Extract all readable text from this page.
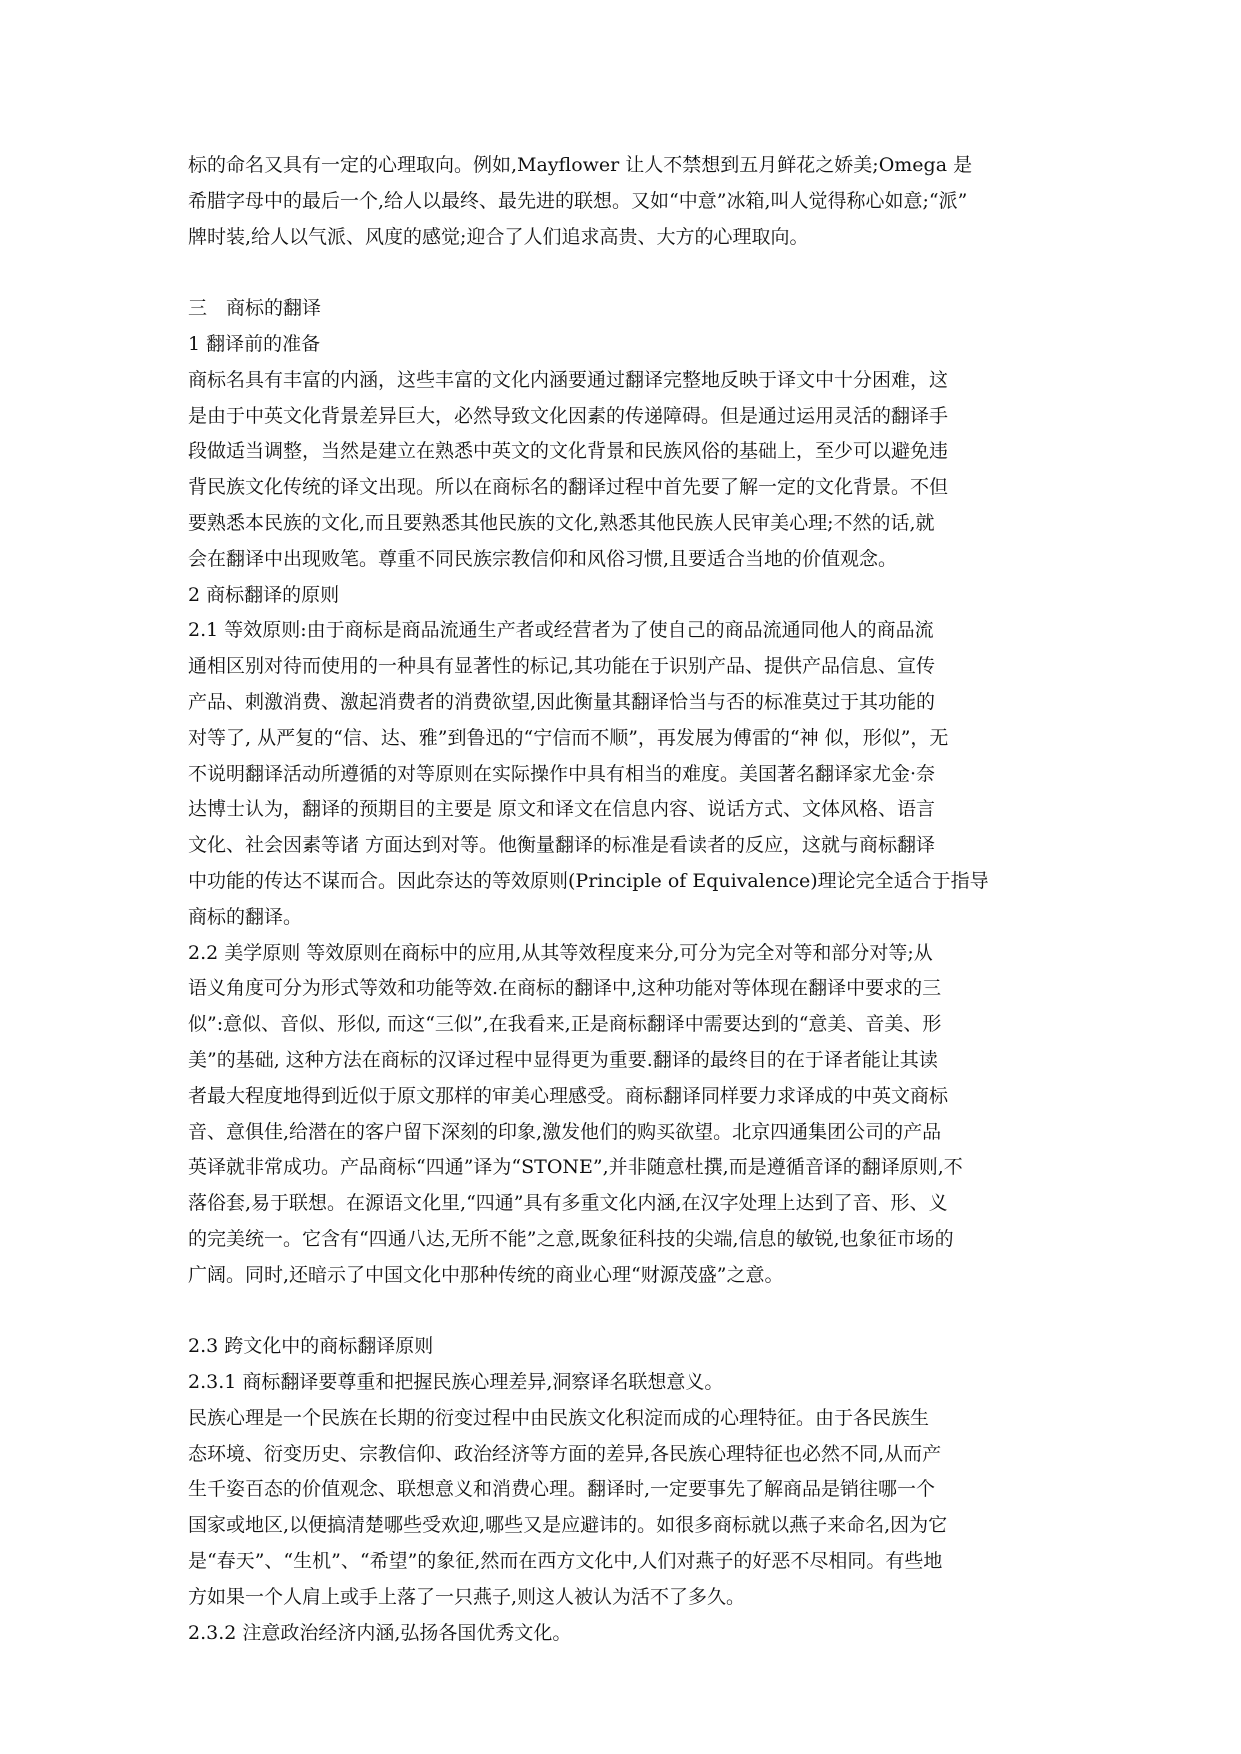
标的命名又具有一定的心理取向。例如,Mayflower 让人不禁想到五月鲜花之娇美;Omega 是
希腊字母中的最后一个,给人以最终、最先进的联想。又如“中意”冰箱,叫人觉得称心如意;“派”
牌时装,给人以气派、风度的感觉;迎合了人们追求高贵、大方的心理取向。
三　商标的翻译
1 翻译前的准备
商标名具有丰富的内涵，这些丰富的文化内涵要通过翻译完整地反映于译文中十分困难，这
是由于中英文化背景差异巨大，必然导致文化因素的传递障碍。但是通过运用灵活的翻译手
段做适当调整，当然是建立在熟悉中英文的文化背景和民族风俗的基础上，至少可以避免违
背民族文化传统的译文出现。所以在商标名的翻译过程中首先要了解一定的文化背景。不但
要熟悉本民族的文化,而且要熟悉其他民族的文化,熟悉其他民族人民审美心理;不然的话,就
会在翻译中出现败笔。尊重不同民族宗教信仰和风俗习惯,且要适合当地的价值观念。
2 商标翻译的原则
2.1 等效原则:由于商标是商品流通生产者或经营者为了使自己的商品流通同他人的商品流
通相区别对待而使用的一种具有显著性的标记,其功能在于识别产品、提供产品信息、宣传
产品、刺激消费、激起消费者的消费欲望,因此衡量其翻译恰当与否的标准莫过于其功能的
对等了, 从严复的“信、达、雅”到鲁迅的“宁信而不顺”，再发展为傅雷的“神 似，形似”，无
不说明翻译活动所遵循的对等原则在实际操作中具有相当的难度。美国著名翻译家尤金·奈
达博士认为，翻译的预期目的主要是 原文和译文在信息内容、说话方式、文体风格、语言
文化、社会因素等诸 方面达到对等。他衡量翻译的标准是看读者的反应，这就与商标翻译
中功能的传达不谋而合。因此奈达的等效原则(Principle of Equivalence)理论完全适合于指导
商标的翻译。
2.2 美学原则 等效原则在商标中的应用,从其等效程度来分,可分为完全对等和部分对等;从
语义角度可分为形式等效和功能等效.在商标的翻译中,这种功能对等体现在翻译中要求的三
似”:意似、音似、形似, 而这“三似”,在我看来,正是商标翻译中需要达到的“意美、音美、形
美”的基础, 这种方法在商标的汉译过程中显得更为重要.翻译的最终目的在于译者能让其读
者最大程度地得到近似于原文那样的审美心理感受。商标翻译同样要力求译成的中英文商标
音、意俱佳,给潜在的客户留下深刻的印象,激发他们的购买欲望。北京四通集团公司的产品
英译就非常成功。产品商标“四通”译为“STONE”,并非随意杜撰,而是遵循音译的翻译原则,不
落俗套,易于联想。在源语文化里,“四通”具有多重文化内涵,在汉字处理上达到了音、形、义
的完美统一。它含有“四通八达,无所不能”之意,既象征科技的尖端,信息的敏锐,也象征市场的
广阔。同时,还暗示了中国文化中那种传统的商业心理“财源茂盛”之意。
2.3 跨文化中的商标翻译原则
2.3.1 商标翻译要尊重和把握民族心理差异,洞察译名联想意义。
民族心理是一个民族在长期的衍变过程中由民族文化积淀而成的心理特征。由于各民族生
态环境、衍变历史、宗教信仰、政治经济等方面的差异,各民族心理特征也必然不同,从而产
生千姿百态的价值观念、联想意义和消费心理。翻译时,一定要事先了解商品是销往哪一个
国家或地区,以便搞清楚哪些受欢迎,哪些又是应避讳的。如很多商标就以燕子来命名,因为它
是“春天”、“生机”、“希望”的象征,然而在西方文化中,人们对燕子的好恶不尽相同。有些地
方如果一个人肩上或手上落了一只燕子,则这人被认为活不了多久。
2.3.2 注意政治经济内涵,弘扬各国优秀文化。
